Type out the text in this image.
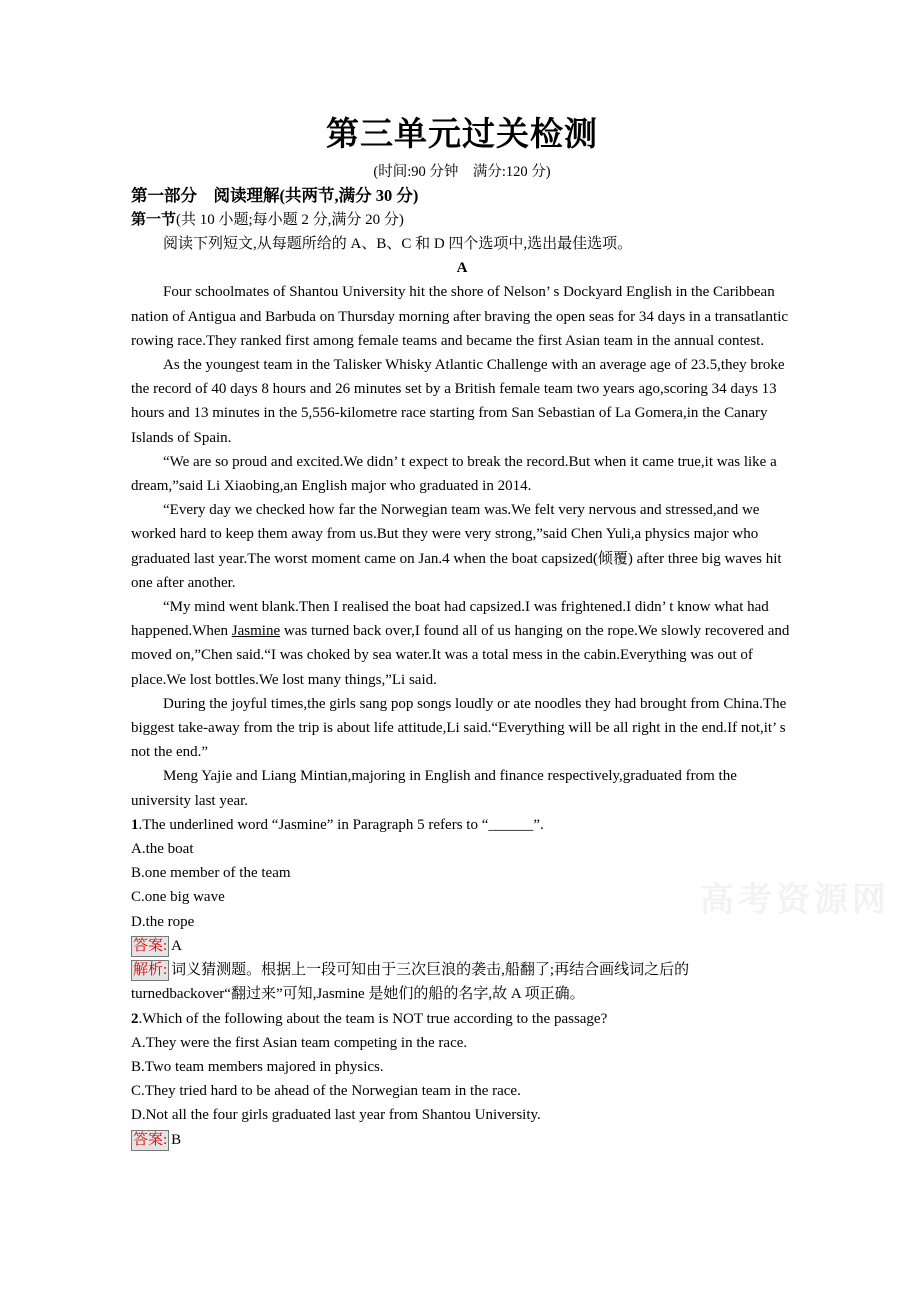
高考资源网
第三单元过关检测
(时间:90 分钟　满分:120 分)
第一部分　阅读理解(共两节,满分 30 分)
第一节(共 10 小题;每小题 2 分,满分 20 分)

阅读下列短文,从每题所给的 A、B、C 和 D 四个选项中,选出最佳选项。

A

Four schoolmates of Shantou University hit the shore of Nelson’ s Dockyard English in the Caribbean nation of Antigua and Barbuda on Thursday morning after braving the open seas for 34 days in a transatlantic rowing race.They ranked first among female teams and became the first Asian team in the annual contest.

As the youngest team in the Talisker Whisky Atlantic Challenge with an average age of 23.5,they broke the record of 40 days 8 hours and 26 minutes set by a British female team two years ago,scoring 34 days 13 hours and 13 minutes in the 5,556-kilometre race starting from San Sebastian of La Gomera,in the Canary Islands of Spain.

“We are so proud and excited.We didn’ t expect to break the record.But when it came true,it was like a dream,”said Li Xiaobing,an English major who graduated in 2014.

“Every day we checked how far the Norwegian team was.We felt very nervous and stressed,and we worked hard to keep them away from us.But they were very strong,”said Chen Yuli,a physics major who graduated last year.The worst moment came on Jan.4 when the boat capsized(倾覆) after three big waves hit one after another.

“My mind went blank.Then I realised the boat had capsized.I was frightened.I didn’ t know what had happened.When Jasmine was turned back over,I found all of us hanging on the rope.We slowly recovered and moved on,”Chen said.“I was choked by sea water.It was a total mess in the cabin.Everything was out of place.We lost bottles.We lost many things,”Li said.

During the joyful times,the girls sang pop songs loudly or ate noodles they had brought from China.The biggest take-away from the trip is about life attitude,Li said.“Everything will be all right in the end.If not,it’ s not the end.”

Meng Yajie and Liang Mintian,majoring in English and finance respectively,graduated from the university last year.

1.The underlined word “Jasmine” in Paragraph 5 refers to “______”.

A.the boat

B.one member of the team

C.one big wave

D.the rope

答案: A

解析: 词义猜测题。根据上一段可知由于三次巨浪的袭击,船翻了;再结合画线词之后的turnedbackover“翻过来”可知,Jasmine 是她们的船的名字,故 A 项正确。

2.Which of the following about the team is NOT true according to the passage?

A.They were the first Asian team competing in the race.

B.Two team members majored in physics.

C.They tried hard to be ahead of the Norwegian team in the race.

D.Not all the four girls graduated last year from Shantou University.

答案: B
